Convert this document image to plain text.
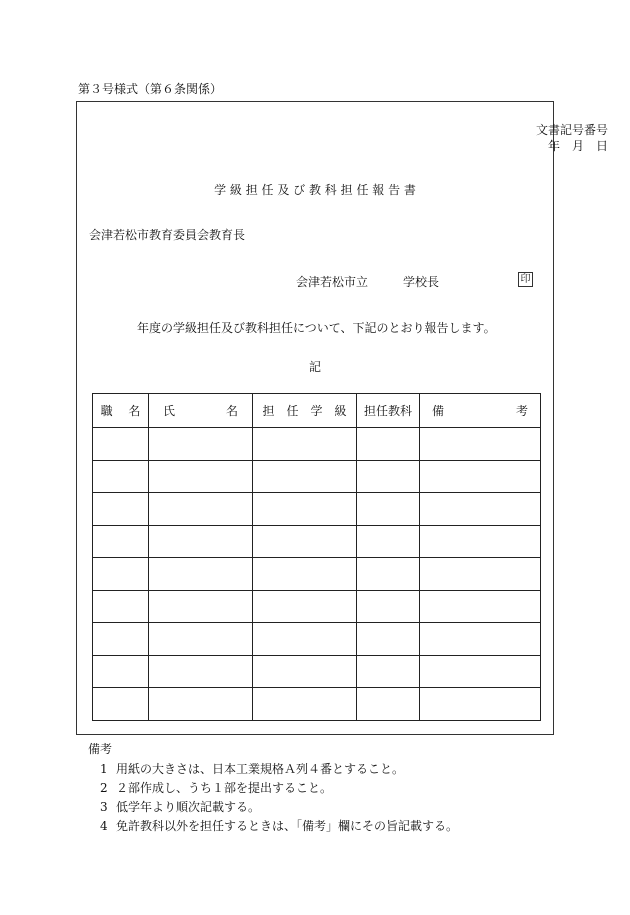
第３号様式（第６条関係）
文書記号番号
年　月　日
学 級 担 任 及 び 教 科 担 任 報 告 書
会津若松市教育委員会教育長
会津若松市立	学校長	印
年度の学級担任及び教科担任について、下記のとおり報告します。
記
職　 名	氏 名	担　任　学　級	担任教科	備 考

備考
1 用紙の大きさは、日本工業規格Ａ列４番とすること。
2 ２部作成し、うち１部を提出すること。
3 低学年より順次記載する。
4 免許教科以外を担任するときは、「備考」欄にその旨記載する。
